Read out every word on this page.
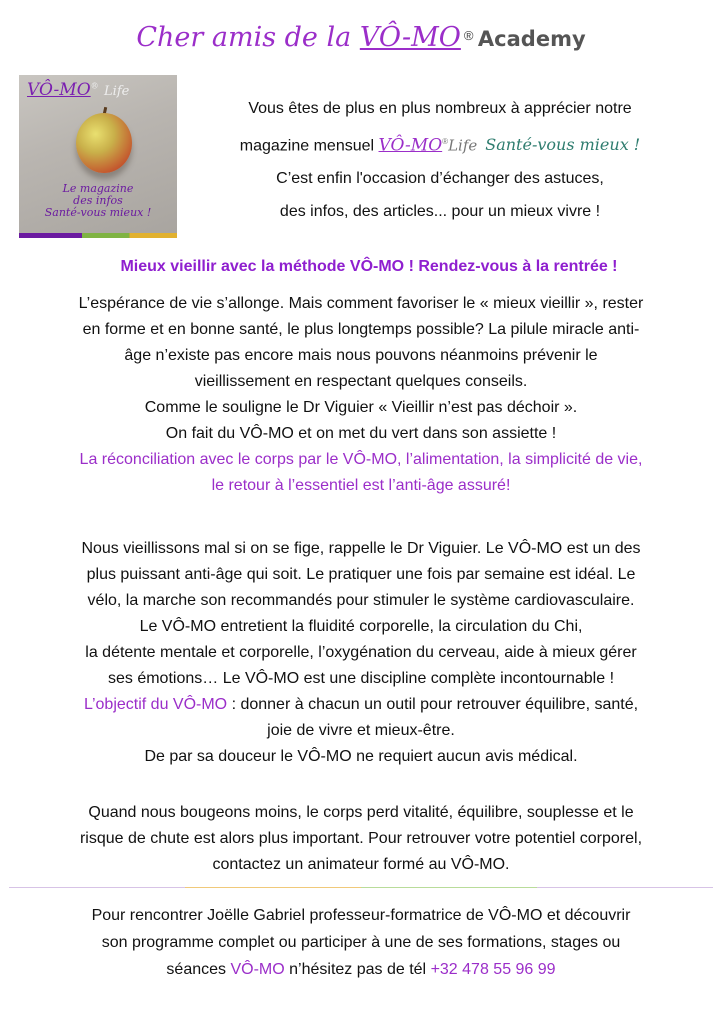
Cher amis de la VÔ-MO ® Academy
VÔ-MO® Life
Le magazine
des infos
Santé-vous mieux !
Vous êtes de plus en plus nombreux à apprécier notre
magazine mensuel VÔ-MO®Life Santé-vous mieux !
C’est enfin l'occasion d’échanger des astuces,
des infos, des articles... pour un mieux vivre !
Mieux vieillir avec la méthode VÔ-MO ! Rendez-vous à la rentrée !
L’espérance de vie s’allonge. Mais comment favoriser le « mieux vieillir », rester
en forme et en bonne santé, le plus longtemps possible? La pilule miracle anti-
âge n’existe pas encore mais nous pouvons néanmoins prévenir le
vieillissement en respectant quelques conseils.
Comme le souligne le Dr Viguier « Vieillir n’est pas déchoir ».
On fait du VÔ-MO et on met du vert dans son assiette !
La réconciliation avec le corps par le VÔ-MO, l’alimentation, la simplicité de vie,
le retour à l’essentiel est l’anti-âge assuré!
Nous vieillissons mal si on se fige, rappelle le Dr Viguier. Le VÔ-MO est un des
plus puissant anti-âge qui soit. Le pratiquer une fois par semaine est idéal. Le
vélo, la marche son recommandés pour stimuler le système cardiovasculaire.
Le VÔ-MO entretient la fluidité corporelle, la circulation du Chi,
la détente mentale et corporelle, l’oxygénation du cerveau, aide à mieux gérer
ses émotions… Le VÔ-MO est une discipline complète incontournable !
L’objectif du VÔ-MO : donner à chacun un outil pour retrouver équilibre, santé,
joie de vivre et mieux-être.
De par sa douceur le VÔ-MO ne requiert aucun avis médical.
Quand nous bougeons moins, le corps perd vitalité, équilibre, souplesse et le
risque de chute est alors plus important. Pour retrouver votre potentiel corporel,
contactez un animateur formé au VÔ-MO.
Pour rencontrer Joëlle Gabriel professeur-formatrice de VÔ-MO et découvrir
son programme complet ou participer à une de ses formations, stages ou
séances VÔ-MO n’hésitez pas de tél +32 478 55 96 99
